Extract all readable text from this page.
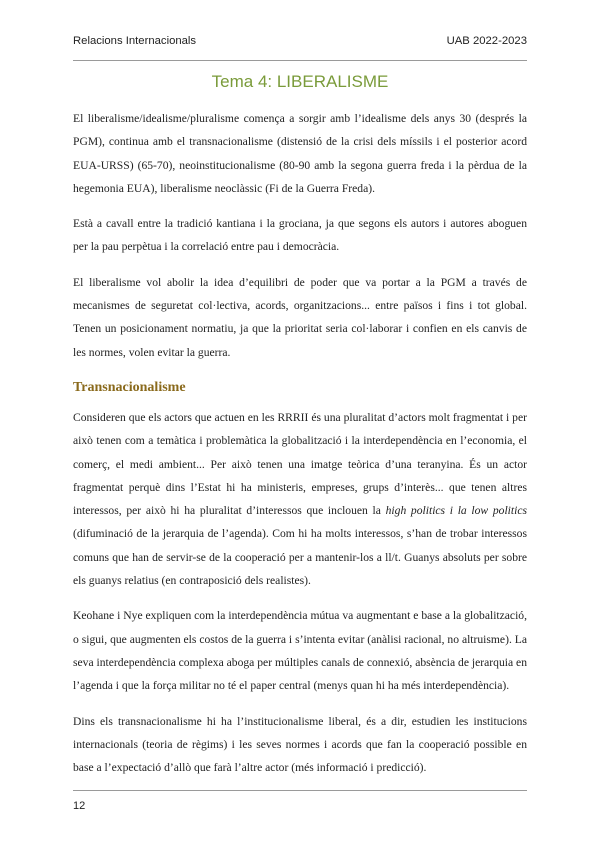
Relacions Internacionals	UAB 2022-2023
Tema 4: LIBERALISME

El liberalisme/idealisme/pluralisme comença a sorgir amb l’idealisme dels anys 30 (després la PGM), continua amb el transnacionalisme (distensió de la crisi dels míssils i el posterior acord EUA-URSS) (65-70), neoinstitucionalisme (80-90 amb la segona guerra freda i la pèrdua de la hegemonia EUA), liberalisme neoclàssic (Fi de la Guerra Freda).

Està a cavall entre la tradició kantiana i la grociana, ja que segons els autors i autores aboguen per la pau perpètua i la correlació entre pau i democràcia.

El liberalisme vol abolir la idea d’equilibri de poder que va portar a la PGM a través de mecanismes de seguretat col·lectiva, acords, organitzacions... entre països i fins i tot global. Tenen un posicionament normatiu, ja que la prioritat seria col·laborar i confien en els canvis de les normes, volen evitar la guerra.

Transnacionalisme

Consideren que els actors que actuen en les RRRII és una pluralitat d’actors molt fragmentat i per això tenen com a temàtica i problemàtica la globalització i la interdependència en l’economia, el comerç, el medi ambient... Per això tenen una imatge teòrica d’una teranyina. És un actor fragmentat perquè dins l’Estat hi ha ministeris, empreses, grups d’interès... que tenen altres interessos, per això hi ha pluralitat d’interessos que inclouen la high politics i la low politics (difuminació de la jerarquia de l’agenda). Com hi ha molts interessos, s’han de trobar interessos comuns que han de servir-se de la cooperació per a mantenir-los a ll/t. Guanys absoluts per sobre els guanys relatius (en contraposició dels realistes).

Keohane i Nye expliquen com la interdependència mútua va augmentant e base a la globalització, o sigui, que augmenten els costos de la guerra i s’intenta evitar (anàlisi racional, no altruisme). La seva interdependència complexa aboga per múltiples canals de connexió, absència de jerarquia en l’agenda i que la força militar no té el paper central (menys quan hi ha més interdependència).

Dins els transnacionalisme hi ha l’institucionalisme liberal, és a dir, estudien les institucions internacionals (teoria de règims) i les seves normes i acords que fan la cooperació possible en base a l’expectació d’allò que farà l’altre actor (més informació i predicció).

12
